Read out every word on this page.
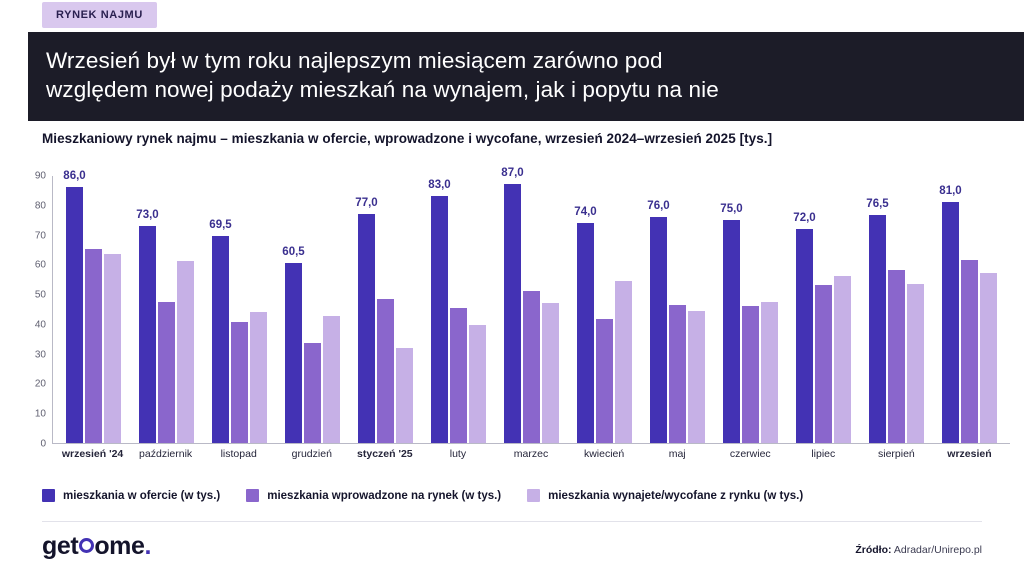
RYNEK NAJMU
Wrzesień był w tym roku najlepszym miesiącem zarówno pod
względem nowej podaży mieszkań na wynajem, jak i popytu na nie
Mieszkaniowy rynek najmu – mieszkania w ofercie, wprowadzone i wycofane, wrzesień 2024–wrzesień 2025 [tys.]
0
10
20
30
40
50
60
70
80
90 86,0
73,0
69,5
60,5
77,0
83,0
87,0
74,0	76,0	75,0
72,0
76,5
81,0
wrzesień '24	październik	listopad	grudzień	styczeń '25	luty	marzec	kwiecień	maj	czerwiec	lipiec	sierpień	wrzesień
mieszkania w ofercie (w tys.)	mieszkania wprowadzone na rynek (w tys.)	mieszkania wynajete/wycofane z rynku (w tys.)
get ome .	Źródło: Adradar/Unirepo.pl
